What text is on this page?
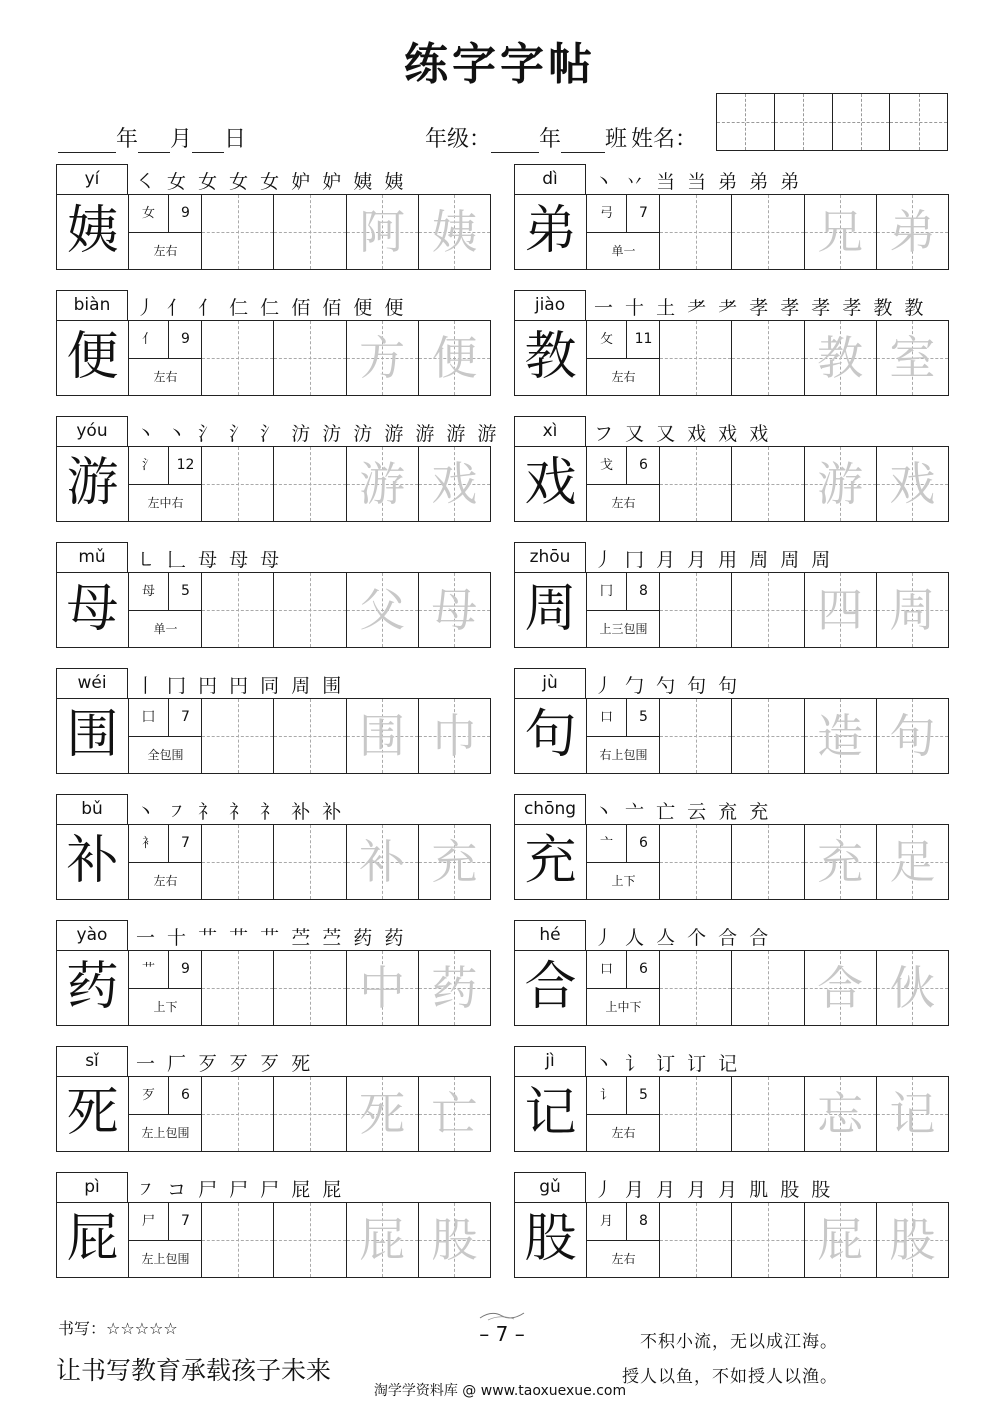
练字字帖
年 月 日	年级： 年 班 姓名：
yí	㇛ 女 女 女 女 妒 妒 姨 姨
姨	女	9
左右	阿 姨
dì	丶 丷 当 当 弟 弟 弟
弟	弓	7
单一	兄 弟
biàn	丿 亻 亻 仁 仁 佰 佰 便 便
便	亻	9
左右	方 便
jiào	一 十 土 耂 耂 孝 孝 孝 孝 教 教
教	攵	11
左右	教 室
yóu	丶 丶 氵 氵 氵 汸 汸 汸 游 游 游 游
游	氵	12
左中右	游 戏
xì	フ 又 又 戏 戏 戏
戏	戈	6
左右	游 戏
mǔ	㇄ 𠃊 母 母 母
母	母	5
单一	父 母
zhōu	丿 冂 月 月 用 周 周 周
周	冂	8
上三包围	四 周
wéi	丨 冂 円 円 同 周 围
围	囗	7
全包围	围 巾
jù	丿 勹 勺 句 句
句	口	5
右上包围	造 句
bǔ	丶 ㇇ 礻 礻 礻 补 补
补	衤	7
左右	补 充
chōng 丶 亠 亡 云 㐬 充
充	亠	6
上下	充 足
yào	一 十 艹 艹 艹 苎 苎 药 药
药	艹	9
上下	中 药
hé	丿 人 亼 个 合 合
合	口	6
上中下	合 伙
sǐ	一 厂 歹 歹 歹 死
死	歹	6
左上包围	死 亡
jì	丶 讠 订 订 记
记	讠	5
左右	忘 记
pì	㇇ コ 尸 尸 尸 屁 屁
屁	尸	7
左上包围	屁 股
gǔ	丿 月 月 月 月 肌 股 股
股	月	8
左右	屁 股
书写：☆☆☆☆☆
让书写教育承载孩子未来
– 7 –	不积小流，无以成江海。
授人以鱼，不如授人以渔。
淘学学资料库 @ www.taoxuexue.com
